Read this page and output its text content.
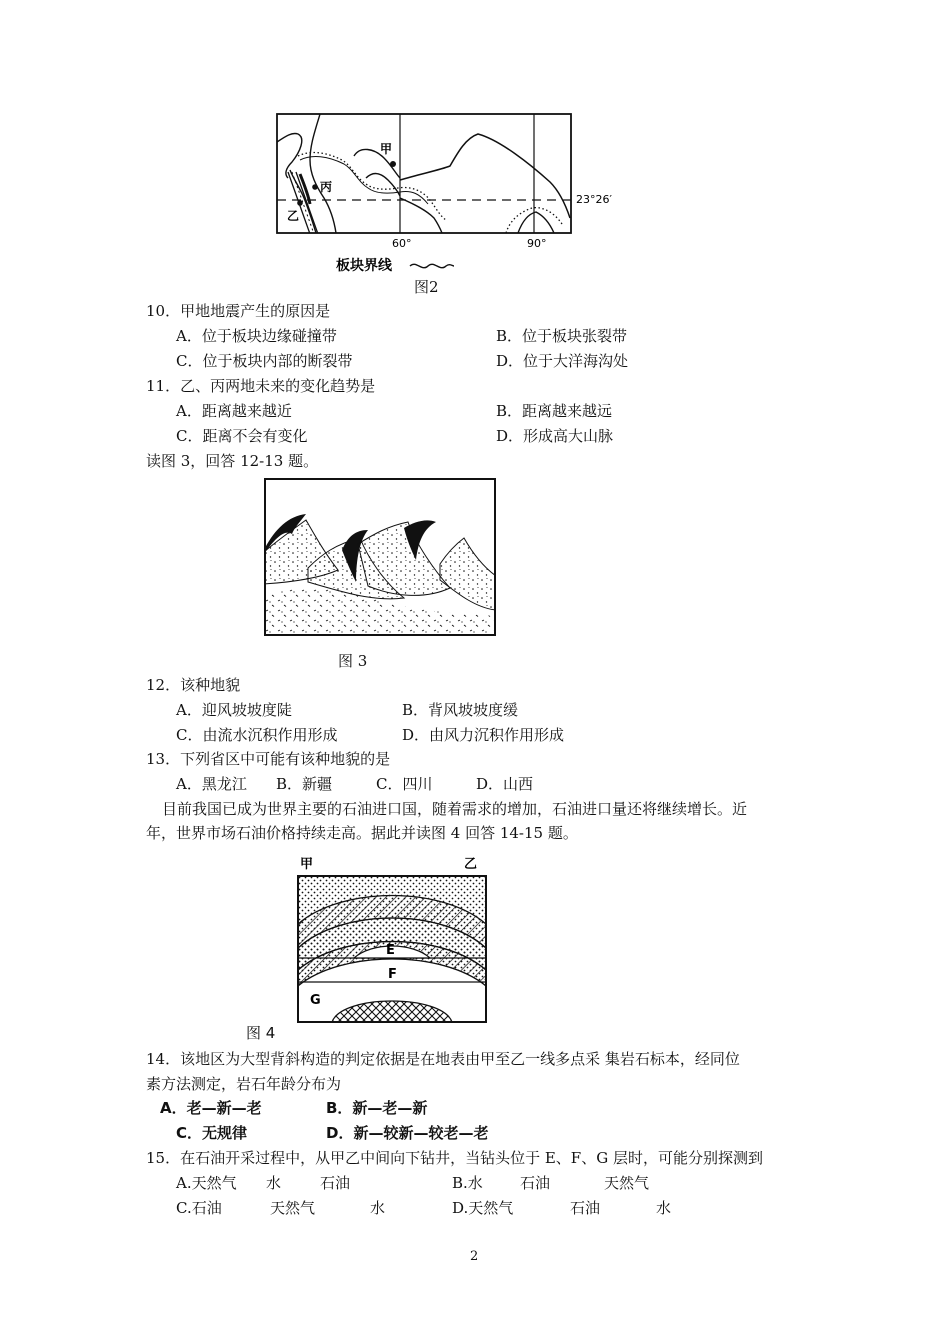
甲
丙
乙
23°26′
60°	90°
板块界线
图2
10．甲地地震产生的原因是
A．位于板块边缘碰撞带	B．位于板块张裂带
C．位于板块内部的断裂带	D．位于大洋海沟处
11．乙、丙两地未来的变化趋势是
A．距离越来越近	B．距离越来越远
C．距离不会有变化	D．形成高大山脉
读图 3，回答 12-13 题。
图 3
12．该种地貌
A．迎风坡坡度陡	B．背风坡坡度缓
C．由流水沉积作用形成	D．由风力沉积作用形成
13．下列省区中可能有该种地貌的是
A．黑龙江 B．新疆	C．四川	D．山西
目前我国已成为世界主要的石油进口国，随着需求的增加，石油进口量还将继续增长。近
年，世界市场石油价格持续走高。据此并读图 4 回答 14-15 题。
甲	乙
E
F
G
图 4
14．该地区为大型背斜构造的判定依据是在地表由甲至乙一线多点采 集岩石标本，经同位
素方法测定，岩石年龄分布为
A．老—新—老	B．新—老—新
C．无规律	D．新—较新—较老—老
15．在石油开采过程中，从甲乙中间向下钻井，当钻头位于 E、F、G 层时，可能分别探测到
A.天然气 水	石油	B.水 石油	天然气
C.石油	天然气	水	D.天然气	石油	水
2
